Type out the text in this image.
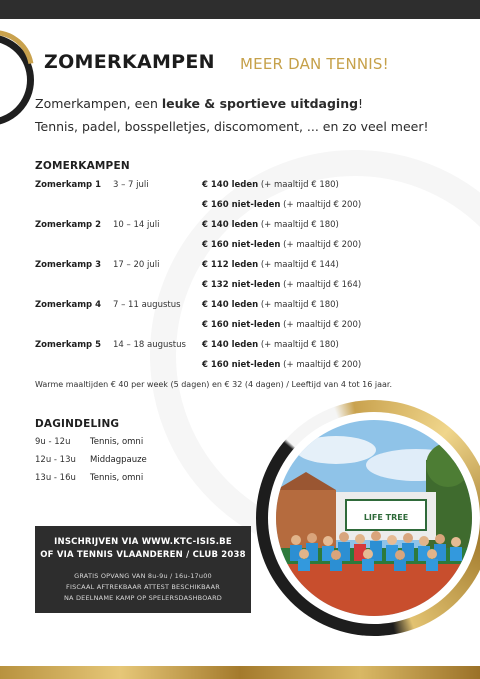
ZOMERKAMPEN MEER DAN TENNIS!
Zomerkampen, een leuke & sportieve uitdaging!
Tennis, padel, bosspelletjes, discomoment, ... en zo veel meer!
ZOMERKAMPEN
Zomerkamp 1 3 – 7 juli	€ 140 leden (+ maaltijd € 180)
€ 160 niet-leden (+ maaltijd € 200)
Zomerkamp 2 10 – 14 juli	€ 140 leden (+ maaltijd € 180)
€ 160 niet-leden (+ maaltijd € 200)
Zomerkamp 3 17 – 20 juli	€ 112 leden (+ maaltijd € 144)
€ 132 niet-leden (+ maaltijd € 164)
Zomerkamp 4 7 – 11 augustus	€ 140 leden (+ maaltijd € 180)
€ 160 niet-leden (+ maaltijd € 200)
Zomerkamp 5 14 – 18 augustus € 140 leden (+ maaltijd € 180)
€ 160 niet-leden (+ maaltijd € 200)
Warme maaltijden € 40 per week (5 dagen) en € 32 (4 dagen) / Leeftijd van 4 tot 16 jaar.
DAGINDELING
9u - 12u Tennis, omni
12u - 13u Middagpauze
13u - 16u Tennis, omni
INSCHRIJVEN VIA WWW.KTC-ISIS.BE
OF VIA TENNIS VLAANDEREN / CLUB 2038
GRATIS OPVANG VAN 8u-9u / 16u-17u00
FISCAAL AFTREKBAAR ATTEST BESCHIKBAAR
NA DEELNAME KAMP OP SPELERSDASHBOARD
LIFE TREE
